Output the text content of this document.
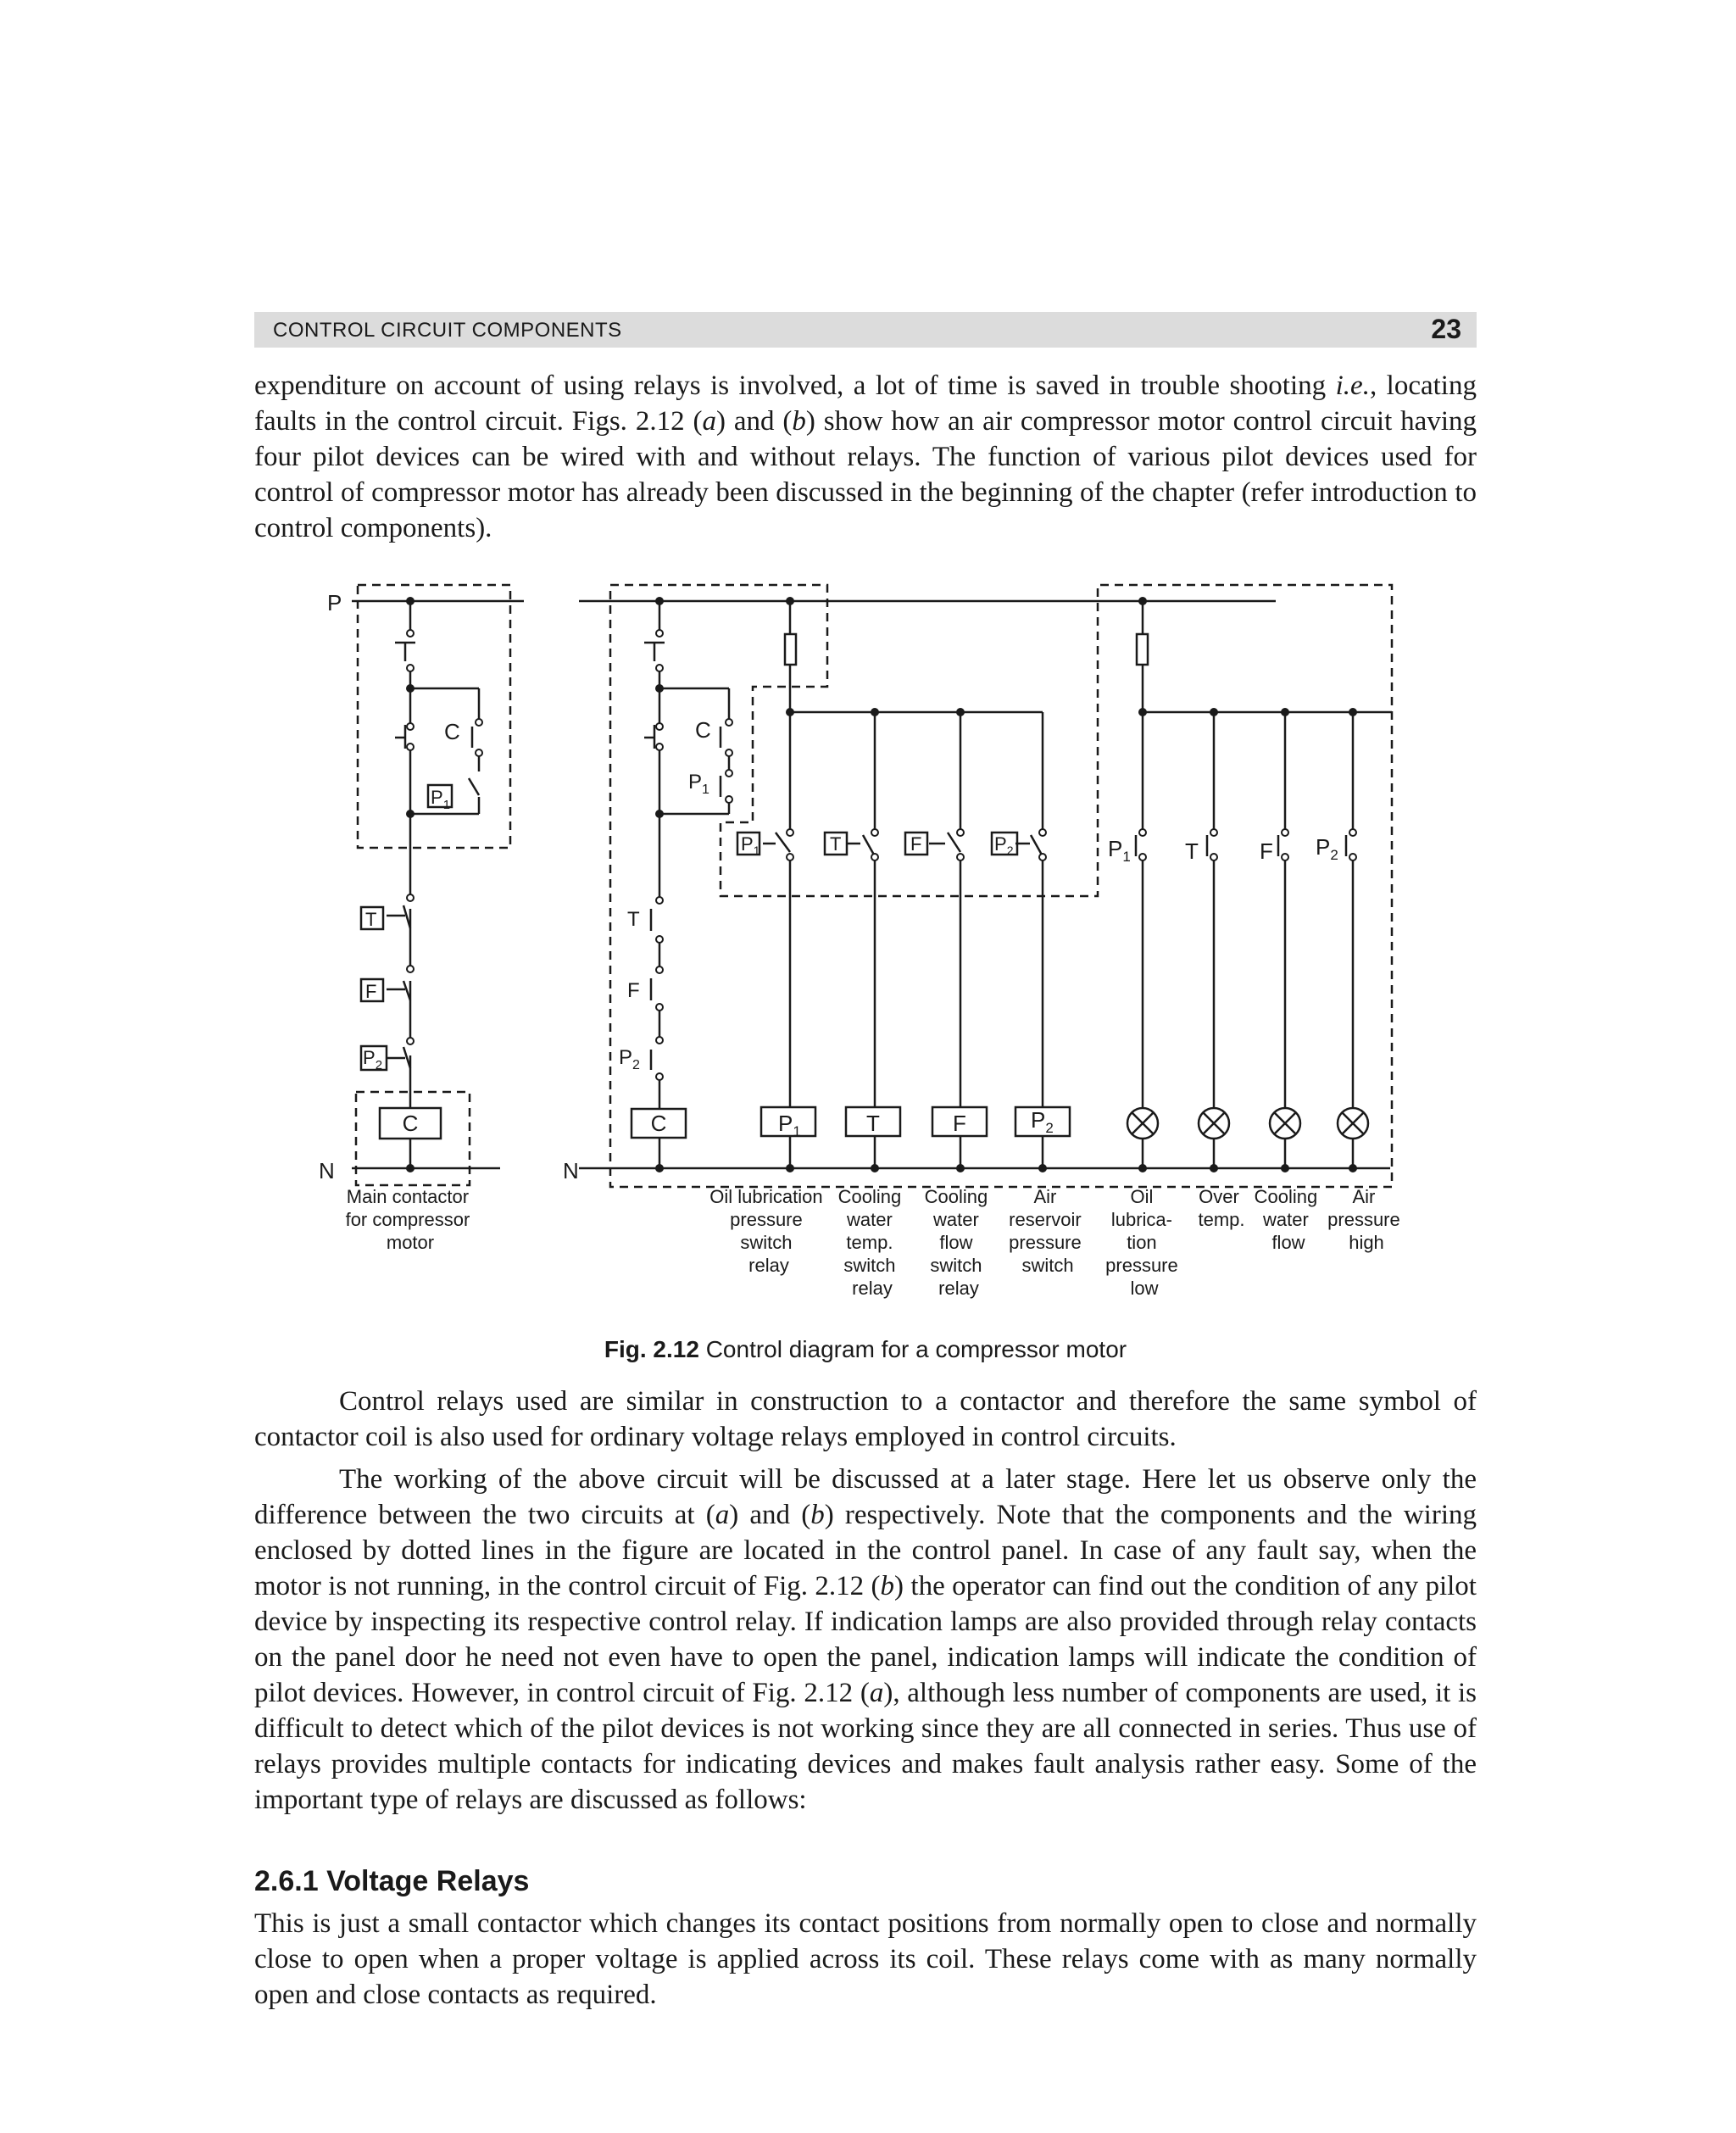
CONTROL CIRCUIT COMPONENTS	23
expenditure on account of using relays is involved, a lot of time is saved in trouble shooting i.e., locating faults in the control circuit. Figs. 2.12 (a) and (b) show how an air compressor motor control circuit having four pilot devices can be wired with and without relays. The function of various pilot devices used for control of compressor motor has already been discussed in the beginning of the chapter (refer introduction to control components).
P
N
C
$P_1$
T
F
$P_2$
C
Main contactor for compressor motor
N
C
$P_1$
T
F
$P_2$
C
$P_1$	T	F	$P_2$
$P_1$	T	F	$P_2$
$P_1$ T	F $P_2$
Oil lubrication pressure switch relay
Cooling water temp. switch relay
Cooling water flow switch relay
Air reservoir pressure switch
Oil lubrica- tion pressure low
Over temp.
Cooling water flow
Air pressure high
Fig. 2.12 Control diagram for a compressor motor
Control relays used are similar in construction to a contactor and therefore the same symbol of contactor coil is also used for ordinary voltage relays employed in control circuits.
The working of the above circuit will be discussed at a later stage. Here let us observe only the difference between the two circuits at (a) and (b) respectively. Note that the components and the wiring enclosed by dotted lines in the figure are located in the control panel. In case of any fault say, when the motor is not running, in the control circuit of Fig. 2.12 (b) the operator can find out the condition of any pilot device by inspecting its respective control relay. If indication lamps are also provided through relay contacts on the panel door he need not even have to open the panel, indication lamps will indicate the condition of pilot devices. However, in control circuit of Fig. 2.12 (a), although less number of components are used, it is difficult to detect which of the pilot devices is not working since they are all connected in series. Thus use of relays provides multiple contacts for indicating devices and makes fault analysis rather easy. Some of the important type of relays are discussed as follows:
2.6.1 Voltage Relays
This is just a small contactor which changes its contact positions from normally open to close and normally close to open when a proper voltage is applied across its coil. These relays come with as many normally open and close contacts as required.
